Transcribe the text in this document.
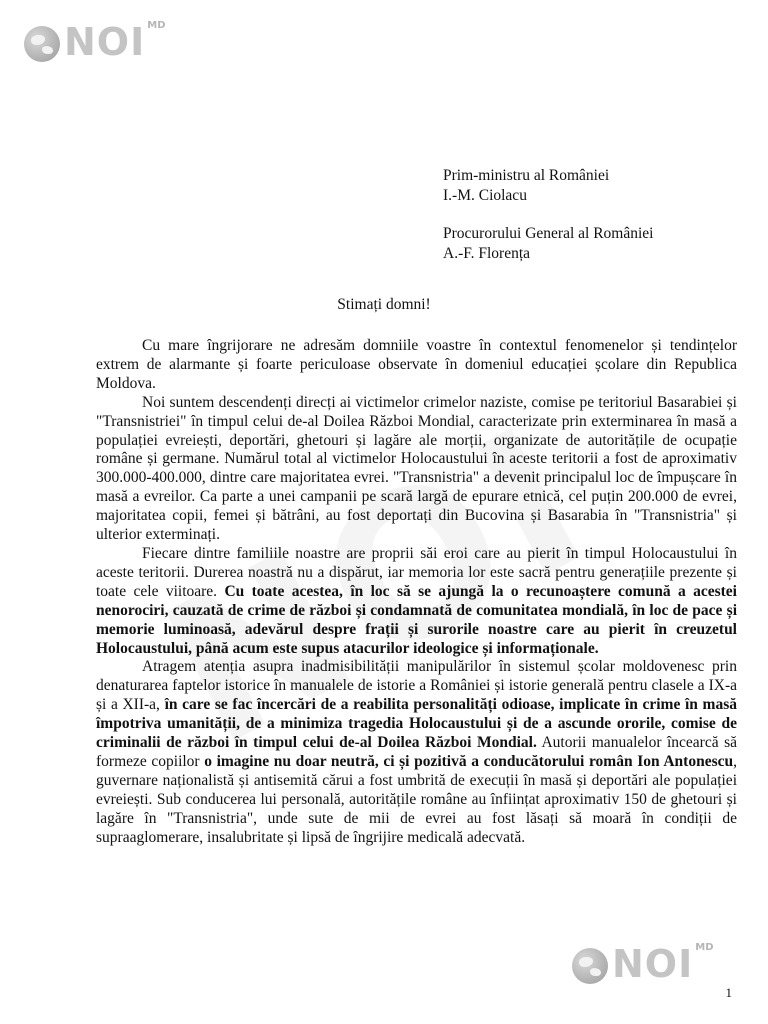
NOI MD
Prim-ministru al României
I.-M. Ciolacu
Procurorului General al României
A.-F. Florența
Stimați domni!

Cu mare îngrijorare ne adresăm domniile voastre în contextul fenomenelor și tendințelor extrem de alarmante și foarte periculoase observate în domeniul educației școlare din Republica Moldova.

Noi suntem descendenți direcți ai victimelor crimelor naziste, comise pe teritoriul Basarabiei și "Transnistriei" în timpul celui de-al Doilea Război Mondial, caracterizate prin exterminarea în masă a populației evreiești, deportări, ghetouri și lagăre ale morții, organizate de autoritățile de ocupație române și germane. Numărul total al victimelor Holocaustului în aceste teritorii a fost de aproximativ 300.000-400.000, dintre care majoritatea evrei. "Transnistria" a devenit principalul loc de împușcare în masă a evreilor. Ca parte a unei campanii pe scară largă de epurare etnică, cel puțin 200.000 de evrei, majoritatea copii, femei și bătrâni, au fost deportați din Bucovina și Basarabia în "Transnistria" și ulterior exterminați.

Fiecare dintre familiile noastre are proprii săi eroi care au pierit în timpul Holocaustului în aceste teritorii. Durerea noastră nu a dispărut, iar memoria lor este sacră pentru generațiile prezente și toate cele viitoare. Cu toate acestea, în loc să se ajungă la o recunoaștere comună a acestei nenorociri, cauzată de crime de război și condamnată de comunitatea mondială, în loc de pace și memorie luminoasă, adevărul despre frații și surorile noastre care au pierit în creuzetul Holocaustului, până acum este supus atacurilor ideologice și informaționale.

Atragem atenția asupra inadmisibilității manipulărilor în sistemul școlar moldovenesc prin denaturarea faptelor istorice în manualele de istorie a României și istorie generală pentru clasele a IX-a și a XII-a, în care se fac încercări de a reabilita personalități odioase, implicate în crime în masă împotriva umanității, de a minimiza tragedia Holocaustului și de a ascunde ororile, comise de criminalii de război în timpul celui de-al Doilea Război Mondial. Autorii manualelor încearcă să formeze copiilor o imagine nu doar neutră, ci și pozitivă a conducătorului român Ion Antonescu, guvernare naționalistă și antisemită cărui a fost umbrită de execuții în masă și deportări ale populației evreiești. Sub conducerea lui personală, autoritățile române au înființat aproximativ 150 de ghetouri și lagăre în "Transnistria", unde sute de mii de evrei au fost lăsați să moară în condiții de supraaglomerare, insalubritate și lipsă de îngrijire medicală adecvată.

1
NOI MD
